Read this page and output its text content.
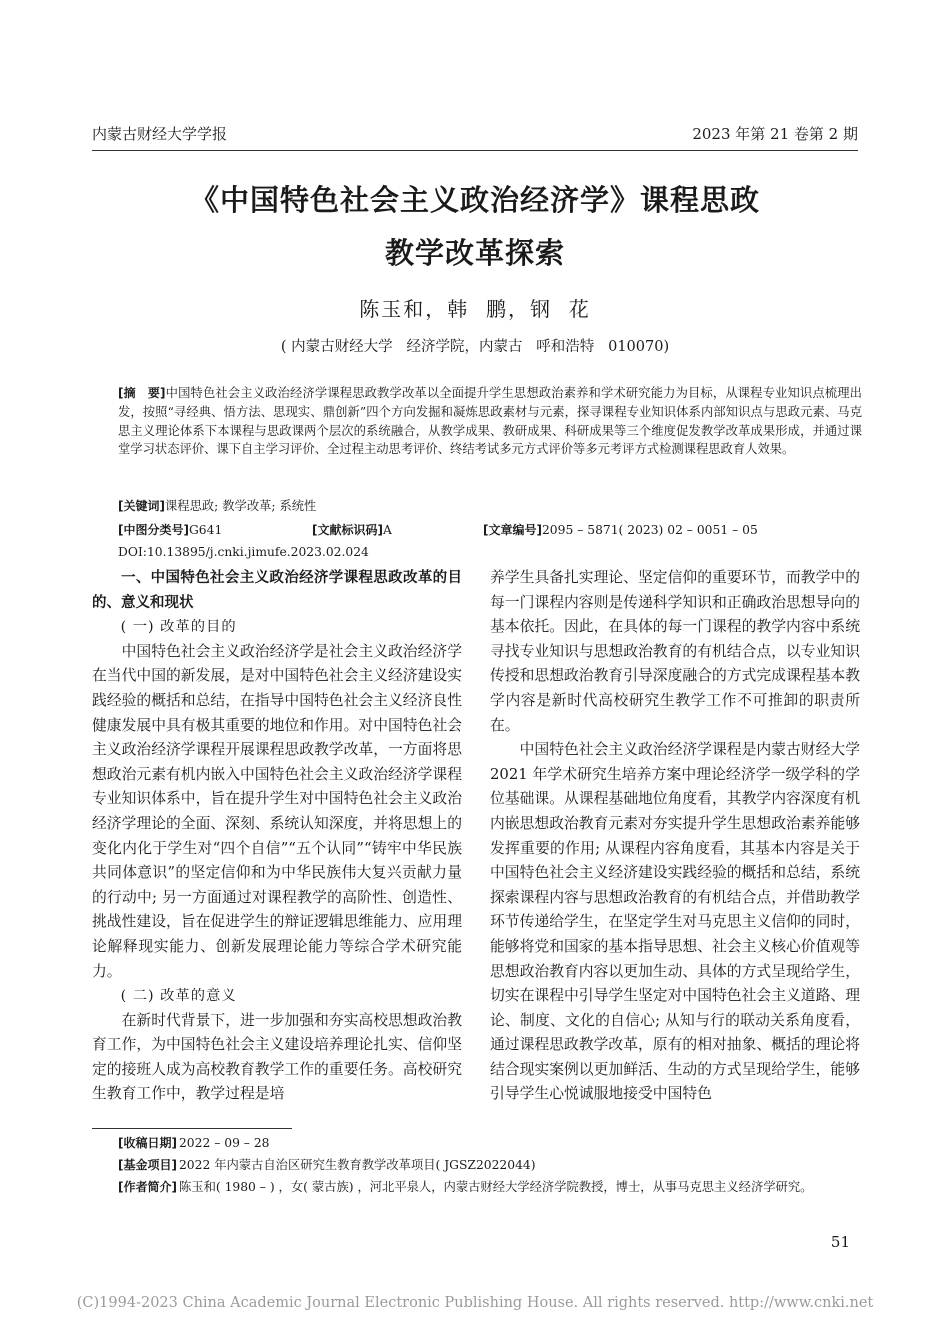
内蒙古财经大学学报	2023 年第 21 卷第 2 期
《中国特色社会主义政治经济学》课程思政
教学改革探索
陈玉和，韩  鹏，钢  花
( 内蒙古财经大学   经济学院，内蒙古   呼和浩特   010070)
[摘　要]中国特色社会主义政治经济学课程思政教学改革以全面提升学生思想政治素养和学术研究能力为目标，从课程专业知识点梳理出发，按照“寻经典、悟方法、思现实、鼎创新”四个方向发掘和凝炼思政素材与元素，探寻课程专业知识体系内部知识点与思政元素、马克思主义理论体系下本课程与思政课两个层次的系统融合，从教学成果、教研成果、科研成果等三个维度促发教学改革成果形成，并通过课堂学习状态评价、课下自主学习评价、全过程主动思考评价、终结考试多元方式评价等多元考评方式检测课程思政育人效果。
[关键词]课程思政; 教学改革; 系统性
[中图分类号]G641	[文献标识码]A	[文章编号]2095 – 5871( 2023) 02 – 0051 – 05
DOI:10.13895/j.cnki.jimufe.2023.02.024
一、中国特色社会主义政治经济学课程思政改革的目的、意义和现状
( 一) 改革的目的

中国特色社会主义政治经济学是社会主义政治经济学在当代中国的新发展，是对中国特色社会主义经济建设实践经验的概括和总结，在指导中国特色社会主义经济良性健康发展中具有极其重要的地位和作用。对中国特色社会主义政治经济学课程开展课程思政教学改革，一方面将思想政治元素有机内嵌入中国特色社会主义政治经济学课程专业知识体系中，旨在提升学生对中国特色社会主义政治经济学理论的全面、深刻、系统认知深度，并将思想上的变化内化于学生对“四个自信”“五个认同”“铸牢中华民族共同体意识”的坚定信仰和为中华民族伟大复兴贡献力量的行动中; 另一方面通过对课程教学的高阶性、创造性、挑战性建设，旨在促进学生的辩证逻辑思维能力、应用理论解释现实能力、创新发展理论能力等综合学术研究能力。

( 二) 改革的意义

在新时代背景下，进一步加强和夯实高校思想政治教育工作，为中国特色社会主义建设培养理论扎实、信仰坚定的接班人成为高校教育教学工作的重要任务。高校研究生教育工作中，教学过程是培

养学生具备扎实理论、坚定信仰的重要环节，而教学中的每一门课程内容则是传递科学知识和正确政治思想导向的基本依托。因此，在具体的每一门课程的教学内容中系统寻找专业知识与思想政治教育的有机结合点，以专业知识传授和思想政治教育引导深度融合的方式完成课程基本教学内容是新时代高校研究生教学工作不可推卸的职责所在。

中国特色社会主义政治经济学课程是内蒙古财经大学 2021 年学术研究生培养方案中理论经济学一级学科的学位基础课。从课程基础地位角度看，其教学内容深度有机内嵌思想政治教育元素对夯实提升学生思想政治素养能够发挥重要的作用; 从课程内容角度看，其基本内容是关于中国特色社会主义经济建设实践经验的概括和总结，系统探索课程内容与思想政治教育的有机结合点，并借助教学环节传递给学生，在坚定学生对马克思主义信仰的同时，能够将党和国家的基本指导思想、社会主义核心价值观等思想政治教育内容以更加生动、具体的方式呈现给学生，切实在课程中引导学生坚定对中国特色社会主义道路、理论、制度、文化的自信心; 从知与行的联动关系角度看，通过课程思政教学改革，原有的相对抽象、概括的理论将结合现实案例以更加鲜活、生动的方式呈现给学生，能够引导学生心悦诚服地接受中国特色

[收稿日期] 2022 – 09 – 28
[基金项目] 2022 年内蒙古自治区研究生教育教学改革项目( JGSZ2022044)
[作者简介] 陈玉和( 1980 – ) ，女( 蒙古族) ，河北平泉人，内蒙古财经大学经济学院教授，博士，从事马克思主义经济学研究。
51
(C)1994-2023 China Academic Journal Electronic Publishing House. All rights reserved. http://www.cnki.net
